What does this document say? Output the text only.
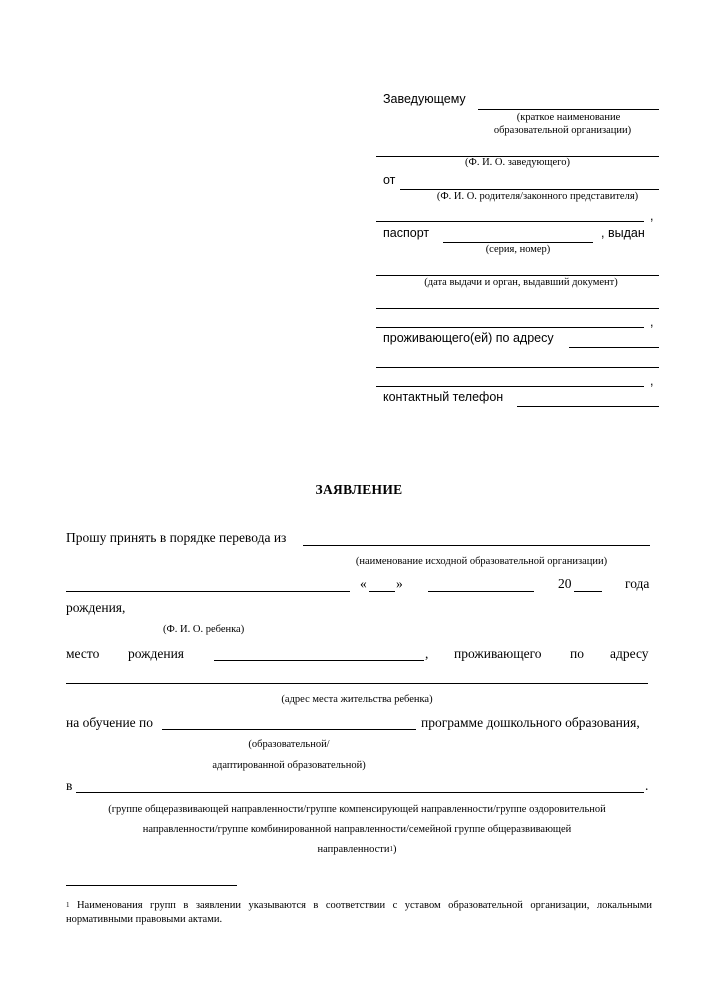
Заведующему
(краткое наименование
образовательной организации)
(Ф. И. О. заведующего)
от
(Ф. И. О. родителя/законного представителя)
,
паспорт	, выдан
(серия, номер)
(дата выдачи и орган, выдавший документ)
,
проживающего(ей) по адресу
,
контактный телефон
ЗАЯВЛЕНИЕ
Прошу принять в порядке перевода из
(наименование исходной образовательной организации)
« »	20	года
рождения,
(Ф. И. О. ребенка)
место рождения	, проживающего по адресу
(адрес места жительства ребенка)
на обучение по	программе дошкольного образования,
(образовательной/
адаптированной образовательной)
в	.
(группе общеразвивающей направленности/группе компенсирующей направленности/группе оздоровительной
направленности/группе комбинированной направленности/семейной группе общеразвивающей
направленности$^1$)
$^1$ Наименования групп в заявлении указываются в соответствии с уставом образовательной организации, локальными нормативными правовыми актами.
